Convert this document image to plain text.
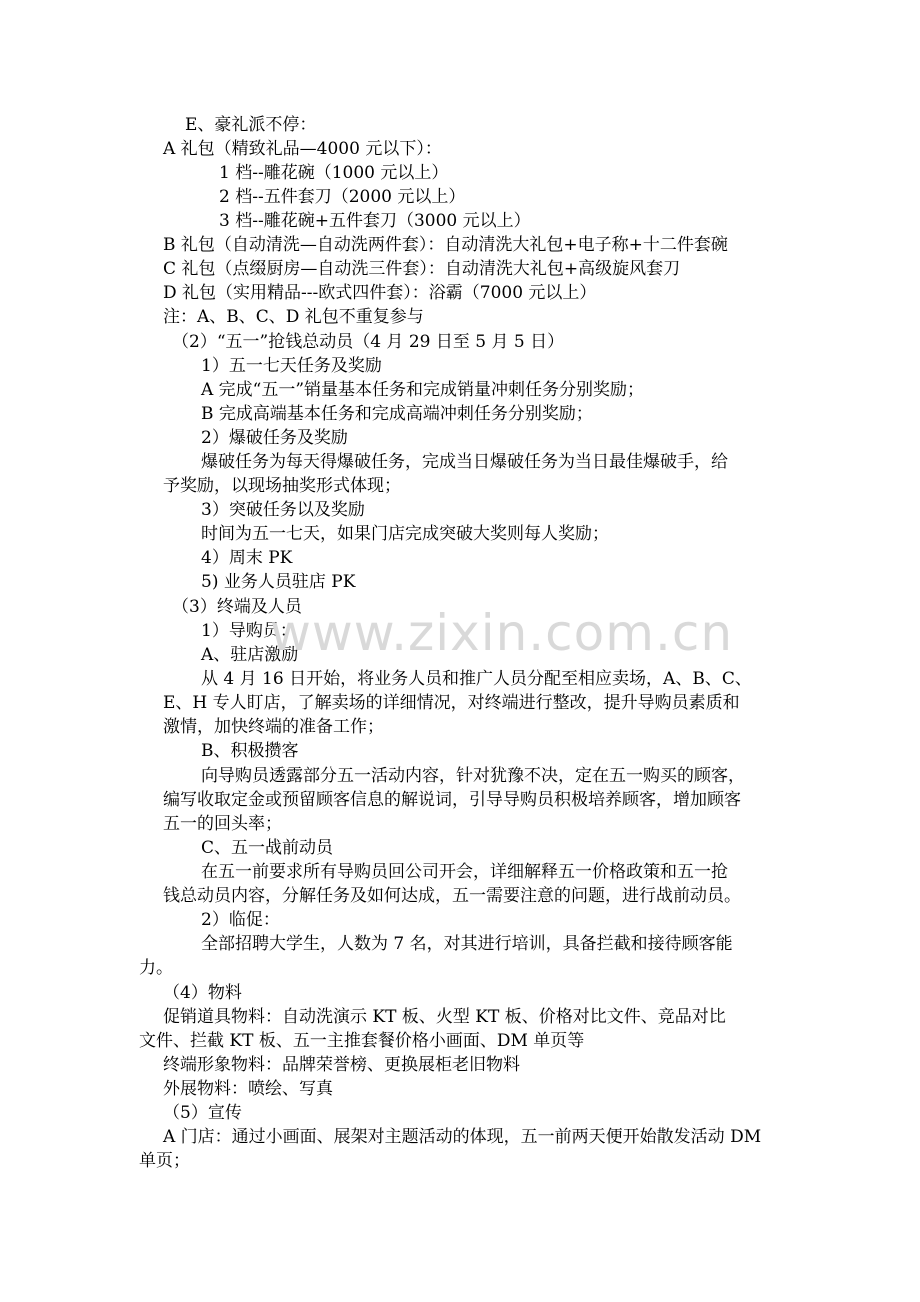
E、豪礼派不停：
A 礼包（精致礼品—4000 元以下）：
1 档--雕花碗（1000 元以上）
2 档--五件套刀（2000 元以上）
3 档--雕花碗+五件套刀（3000 元以上）
B 礼包（自动清洗—自动洗两件套）：自动清洗大礼包+电子称+十二件套碗
C 礼包（点缀厨房—自动洗三件套）：自动清洗大礼包+高级旋风套刀
D 礼包（实用精品---欧式四件套）：浴霸（7000 元以上）
注：A、B、C、D 礼包不重复参与
（2）“五一”抢钱总动员（4 月 29 日至 5 月 5 日）
1）五一七天任务及奖励
A 完成“五一”销量基本任务和完成销量冲刺任务分别奖励；
B 完成高端基本任务和完成高端冲刺任务分别奖励；
2）爆破任务及奖励
爆破任务为每天得爆破任务，完成当日爆破任务为当日最佳爆破手，给
予奖励，以现场抽奖形式体现；
3）突破任务以及奖励
时间为五一七天，如果门店完成突破大奖则每人奖励；
4）周末 PK
5) 业务人员驻店 PK
（3）终端及人员
1）导购员：
A、驻店激励
从 4 月 16 日开始，将业务人员和推广人员分配至相应卖场，A、B、C、
E、H 专人盯店，了解卖场的详细情况，对终端进行整改，提升导购员素质和
激情，加快终端的准备工作；
B、积极攒客
向导购员透露部分五一活动内容，针对犹豫不决，定在五一购买的顾客，
编写收取定金或预留顾客信息的解说词，引导导购员积极培养顾客，增加顾客
五一的回头率；
C、五一战前动员
在五一前要求所有导购员回公司开会，详细解释五一价格政策和五一抢
钱总动员内容，分解任务及如何达成，五一需要注意的问题，进行战前动员。
2）临促：
全部招聘大学生，人数为 7 名，对其进行培训，具备拦截和接待顾客能
力。
（4）物料
促销道具物料：自动洗演示 KT 板、火型 KT 板、价格对比文件、竞品对比
文件、拦截 KT 板、五一主推套餐价格小画面、DM 单页等
终端形象物料：品牌荣誉榜、更换展柜老旧物料
外展物料：喷绘、写真
（5）宣传
A 门店：通过小画面、展架对主题活动的体现，五一前两天便开始散发活动 DM
单页；
www.zixin.com.cn
